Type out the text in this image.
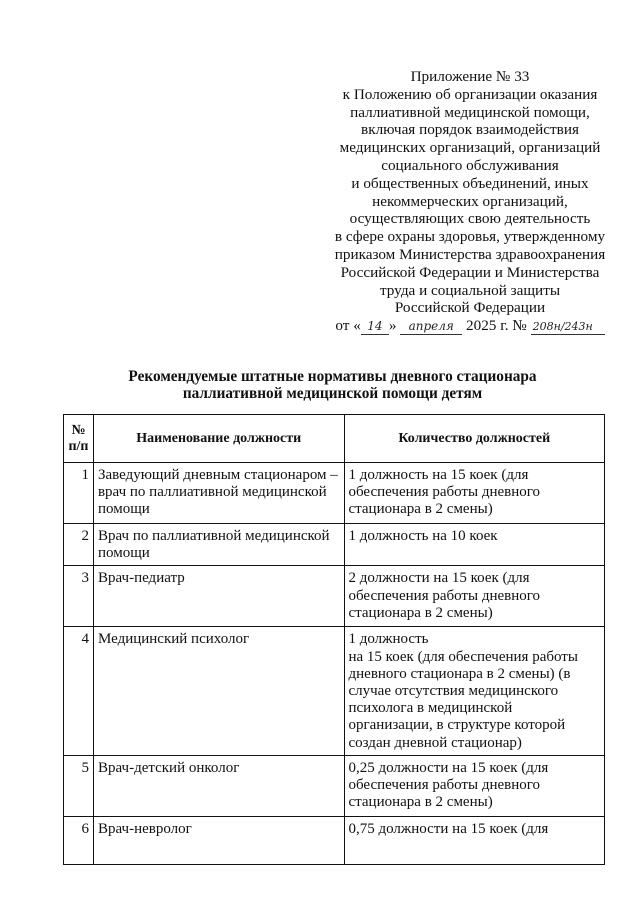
Приложение № 33
к Положению об организации оказания
паллиативной медицинской помощи,
включая порядок взаимодействия
медицинских организаций, организаций
социального обслуживания
и общественных объединений, иных
некоммерческих организаций,
осуществляющих свою деятельность
в сфере охраны здоровья, утвержденному
приказом Министерства здравоохранения
Российской Федерации и Министерства
труда и социальной защиты
Российской Федерации
от « 14 » апреля 2025 г. № 208н/243н
Рекомендуемые штатные нормативы дневного стационара
паллиативной медицинской помощи детям
№ п/п	Наименование должности	Количество должностей
1	Заведующий дневным стационаром – врач по паллиативной медицинской помощи	1 должность на 15 коек (для обеспечения работы дневного стационара в 2 смены)
2	Врач по паллиативной медицинской помощи	1 должность на 10 коек
3	Врач-педиатр	2 должности на 15 коек (для обеспечения работы дневного стационара в 2 смены)
4	Медицинский психолог	1 должность
на 15 коек (для обеспечения работы дневного стационара в 2 смены) (в случае отсутствия медицинского психолога в медицинской организации, в структуре которой создан дневной стационар)

5	Врач-детский онколог	0,25 должности на 15 коек (для обеспечения работы дневного стационара в 2 смены)
6	Врач-невролог	0,75 должности на 15 коек (для
